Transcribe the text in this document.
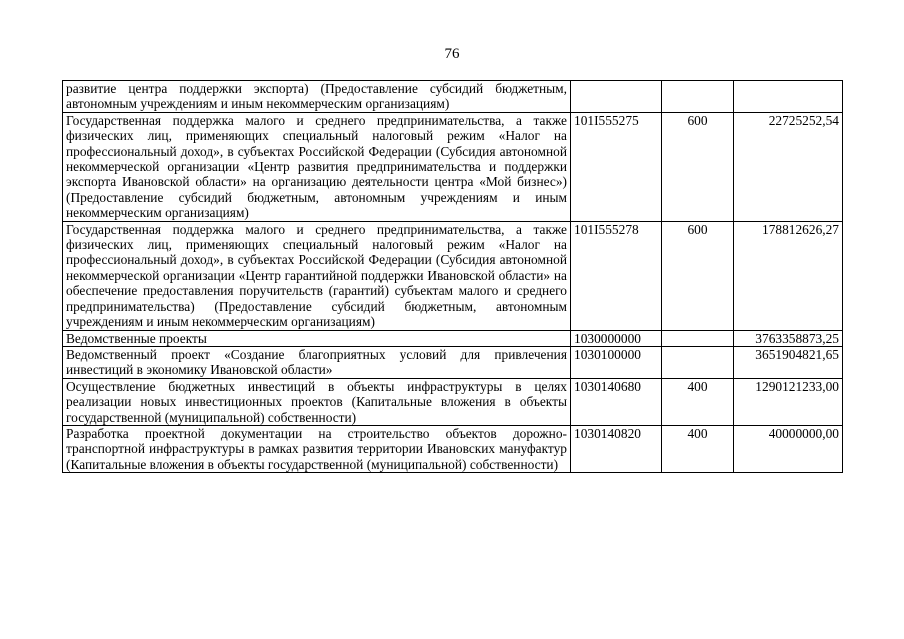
76
развитие центра поддержки экспорта) (Предоставление субсидий бюджетным, автономным учреждениям и иным некоммерческим организациям)			
Государственная поддержка малого и среднего предпринимательства, а также физических лиц, применяющих специальный налоговый режим «Налог на профессиональный доход», в субъектах Российской Федерации (Субсидия автономной некоммерческой организации «Центр развития предпринимательства и поддержки экспорта Ивановской области» на организацию деятельности центра «Мой бизнес») (Предоставление субсидий бюджетным, автономным учреждениям и иным некоммерческим организациям)	101I555275	600	22725252,54
Государственная поддержка малого и среднего предпринимательства, а также физических лиц, применяющих специальный налоговый режим «Налог на профессиональный доход», в субъектах Российской Федерации (Субсидия автономной некоммерческой организации «Центр гарантийной поддержки Ивановской области» на обеспечение предоставления поручительств (гарантий) субъектам малого и среднего предпринимательства) (Предоставление субсидий бюджетным, автономным учреждениям и иным некоммерческим организациям)	101I555278	600	178812626,27
Ведомственные проекты	1030000000		3763358873,25
Ведомственный проект «Создание благоприятных условий для привлечения инвестиций в экономику Ивановской области»	1030100000		3651904821,65
Осуществление бюджетных инвестиций в объекты инфраструктуры в целях реализации новых инвестиционных проектов (Капитальные вложения в объекты государственной (муниципальной) собственности)	1030140680	400	1290121233,00
Разработка проектной документации на строительство объектов дорожно-транспортной инфраструктуры в рамках развития территории Ивановских мануфактур (Капитальные вложения в объекты государственной (муниципальной) собственности)	1030140820	400	40000000,00
